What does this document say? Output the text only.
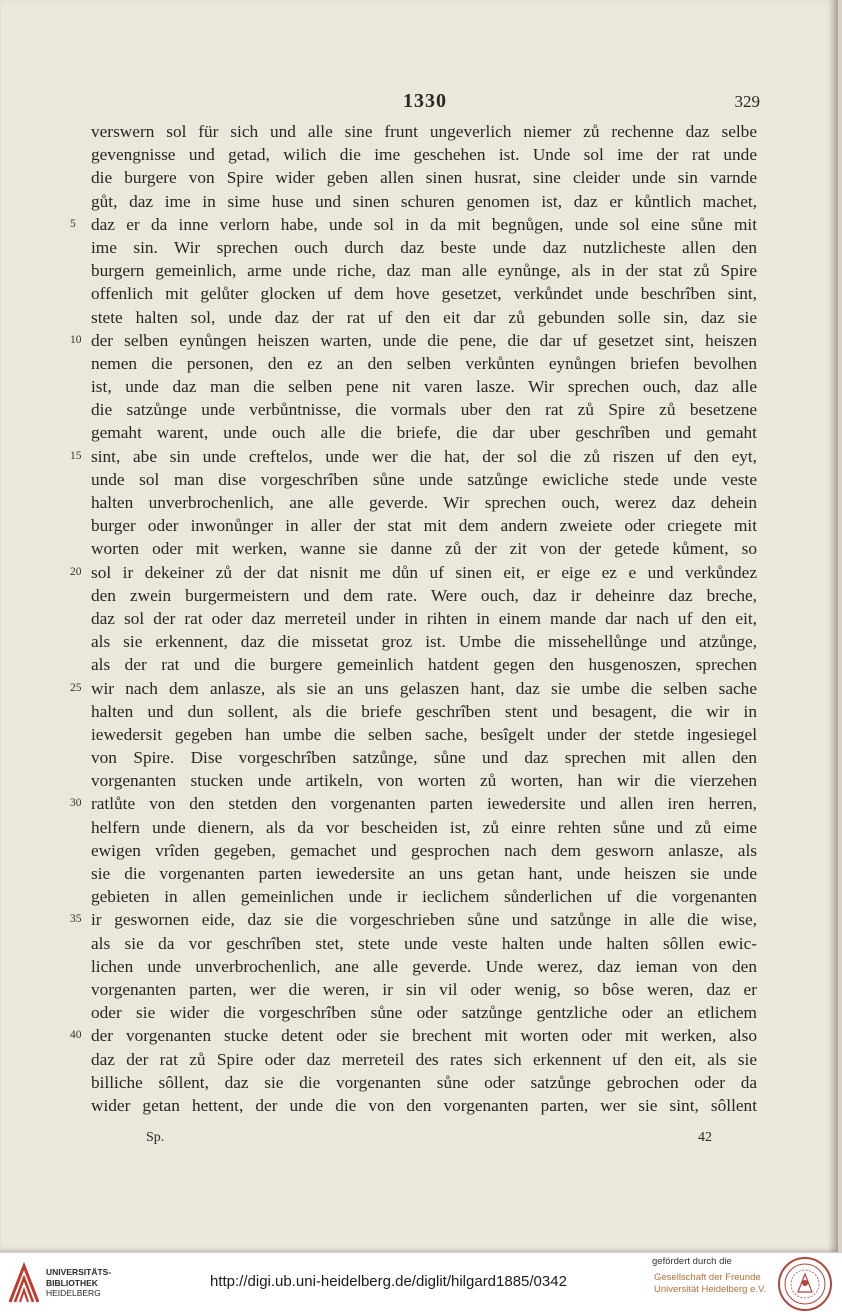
1330	329
verswern sol für sich und alle sine frunt ungeverlich niemer zů rechenne daz selbe
gevengnisse und getad, wilich die ime geschehen ist. Unde sol ime der rat unde
die burgere von Spire wider geben allen sinen husrat, sine cleider unde sin varnde
gůt, daz ime in sime huse und sinen schuren genomen ist, daz er kůntlich machet,
5 daz er da inne verlorn habe, unde sol in da mit begnůgen, unde sol eine sůne mit
ime sin. Wir sprechen ouch durch daz beste unde daz nutzlicheste allen den
burgern gemeinlich, arme unde riche, daz man alle eynůnge, als in der stat zů Spire
offenlich mit gelůter glocken uf dem hove gesetzet, verkůndet unde beschrîben sint,
stete halten sol, unde daz der rat uf den eit dar zů gebunden solle sin, daz sie
10 der selben eynůngen heiszen warten, unde die pene, die dar uf gesetzet sint, heiszen
nemen die personen, den ez an den selben verkůnten eynůngen briefen bevolhen
ist, unde daz man die selben pene nit varen lasze. Wir sprechen ouch, daz alle
die satzůnge unde verbůntnisse, die vormals uber den rat zů Spire zů besetzene
gemaht warent, unde ouch alle die briefe, die dar uber geschrîben und gemaht
15 sint, abe sin unde creftelos, unde wer die hat, der sol die zů riszen uf den eyt,
unde sol man dise vorgeschrîben sůne unde satzůnge ewicliche stede unde veste
halten unverbrochenlich, ane alle geverde. Wir sprechen ouch, werez daz dehein
burger oder inwonůnger in aller der stat mit dem andern zweiete oder criegete mit
worten oder mit werken, wanne sie danne zů der zit von der getede kůment, so
20 sol ir dekeiner zů der dat nisnit me důn uf sinen eit, er eige ez e und verkůndez
den zwein burgermeistern und dem rate. Were ouch, daz ir deheinre daz breche,
daz sol der rat oder daz merreteil under in rihten in einem mande dar nach uf den eit,
als sie erkennent, daz die missetat groz ist. Umbe die missehellůnge und atzůnge,
als der rat und die burgere gemeinlich hatdent gegen den husgenoszen, sprechen
25 wir nach dem anlasze, als sie an uns gelaszen hant, daz sie umbe die selben sache
halten und dun sollent, als die briefe geschrîben stent und besagent, die wir in
iewedersit gegeben han umbe die selben sache, besîgelt under der stetde ingesiegel
von Spire. Dise vorgeschrîben satzůnge, sůne und daz sprechen mit allen den
vorgenanten stucken unde artikeln, von worten zů worten, han wir die vierzehen
30 ratlůte von den stetden den vorgenanten parten iewedersite und allen iren herren,
helfern unde dienern, als da vor bescheiden ist, zů einre rehten sůne und zů eime
ewigen vrîden gegeben, gemachet und gesprochen nach dem gesworn anlasze, als
sie die vorgenanten parten iewedersite an uns getan hant, unde heiszen sie unde
gebieten in allen gemeinlichen unde ir ieclichem sůnderlichen uf die vorgenanten
35 ir geswornen eide, daz sie die vorgeschrieben sůne und satzůnge in alle die wise,
als sie da vor geschrîben stet, stete unde veste halten unde halten sôllen ewic-
lichen unde unverbrochenlich, ane alle geverde. Unde werez, daz ieman von den
vorgenanten parten, wer die weren, ir sin vil oder wenig, so bôse weren, daz er
oder sie wider die vorgeschrîben sůne oder satzůnge gentzliche oder an etlichem
40 der vorgenanten stucke detent oder sie brechent mit worten oder mit werken, also
daz der rat zů Spire oder daz merreteil des rates sich erkennent uf den eit, als sie
billiche sôllent, daz sie die vorgenanten sůne oder satzůnge gebrochen oder da
wider getan hettent, der unde die von den vorgenanten parten, wer sie sint, sôllent
Sp.	42
UNIVERSITÄTS-
BIBLIOTHEK
HEIDELBERG
http://digi.ub.uni-heidelberg.de/diglit/hilgard1885/0342
gefördert durch die
Gesellschaft der Freunde
Universität Heidelberg e.V.
